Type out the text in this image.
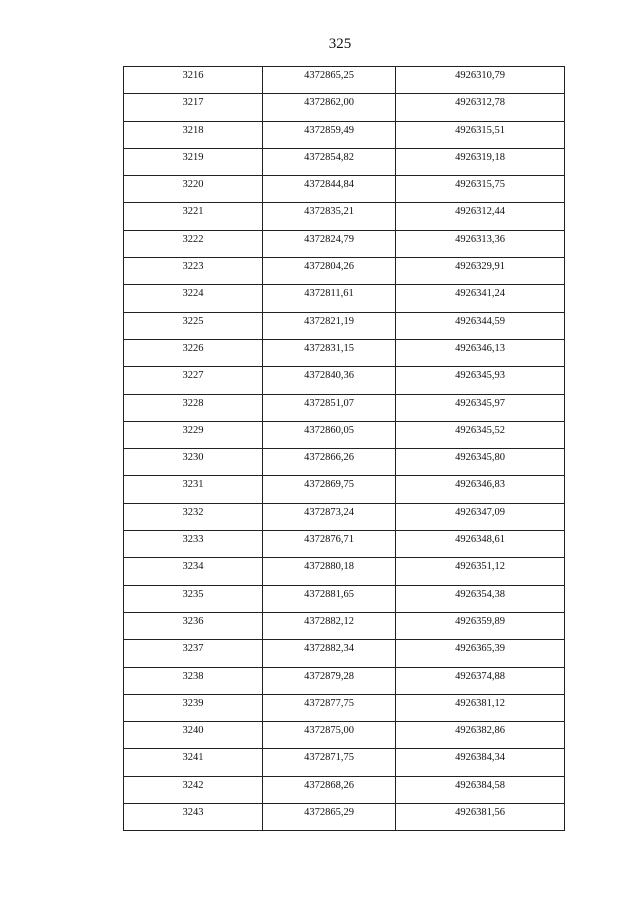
325
3216	4372865,25	4926310,79
3217	4372862,00	4926312,78
3218	4372859,49	4926315,51
3219	4372854,82	4926319,18
3220	4372844,84	4926315,75
3221	4372835,21	4926312,44
3222	4372824,79	4926313,36
3223	4372804,26	4926329,91
3224	4372811,61	4926341,24
3225	4372821,19	4926344,59
3226	4372831,15	4926346,13
3227	4372840,36	4926345,93
3228	4372851,07	4926345,97
3229	4372860,05	4926345,52
3230	4372866,26	4926345,80
3231	4372869,75	4926346,83
3232	4372873,24	4926347,09
3233	4372876,71	4926348,61
3234	4372880,18	4926351,12
3235	4372881,65	4926354,38
3236	4372882,12	4926359,89
3237	4372882,34	4926365,39
3238	4372879,28	4926374,88
3239	4372877,75	4926381,12
3240	4372875,00	4926382,86
3241	4372871,75	4926384,34
3242	4372868,26	4926384,58
3243	4372865,29	4926381,56
